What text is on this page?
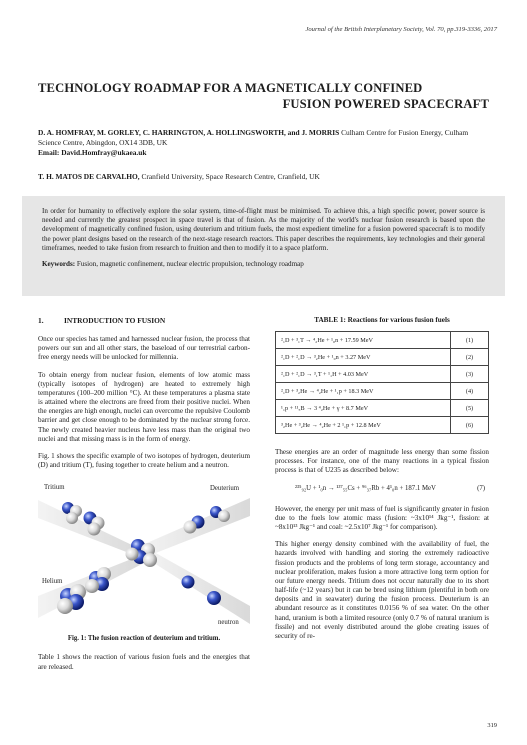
Journal of the British Interplanetary Society, Vol. 70, pp.319-3336, 2017
TECHNOLOGY ROADMAP FOR A MAGNETICALLY CONFINED
FUSION POWERED SPACECRAFT
D. A. HOMFRAY, M. GORLEY, C. HARRINGTON, A. HOLLINGSWORTH, and J. MORRIS Culham Centre for Fusion Energy, Culham Science Centre, Abingdon, OX14 3DB, UK
Email: David.Homfray@ukaea.uk
T. H. MATOS DE CARVALHO, Cranfield University, Space Research Centre, Cranfield, UK

In order for humanity to effectively explore the solar system, time-of-flight must be minimised. To achieve this, a high specific power, power source is needed and currently the greatest prospect in space travel is that of fusion. As the majority of the world's nuclear fusion research is based upon the development of magnetically confined fusion, using deuterium and tritium fuels, the most expedient timeline for a fusion powered spacecraft is to modify the power plant designs based on the research of the next-stage research reactors. This paper describes the requirements, key technologies and their general timeframes, needed to take fusion from research to fruition and then to modify it to a space platform.

Keywords: Fusion, magnetic confinement, nuclear electric propulsion, technology roadmap

1.	INTRODUCTION TO FUSION

Once our species has tamed and harnessed nuclear fusion, the process that powers our sun and all other stars, the baseload of our terrestrial carbon-free energy needs will be unlocked for millennia.

To obtain energy from nuclear fusion, elements of low atomic mass (typically isotopes of hydrogen) are heated to extremely high temperatures (100–200 million °C). At these temperatures a plasma state is attained where the electrons are freed from their positive nuclei. When the energies are high enough, nuclei can overcome the repulsive Coulomb barrier and get close enough to be dominated by the nuclear strong force. The newly created heavier nucleus have less mass than the original two nuclei and that missing mass is in the form of energy.

Fig. 1 shows the specific example of two isotopes of hydrogen, deuterium (D) and tritium (T), fusing together to create helium and a neutron.

Tritium	Deuterium
Helium
neutron
Fig. 1: The fusion reaction of deuterium and tritium.

Table 1 shows the reaction of various fusion fuels and the energies that are released.

TABLE 1: Reactions for various fusion fuels
²₁D + ³₁T → ⁴₂He + ¹₀n + 17.59 MeV	(1)
²₁D + ²₁D → ³₂He + ¹₀n + 3.27 MeV	(2)
²₁D + ²₁D → ³₁T + ¹₁H + 4.03 MeV	(3)
²₁D + ³₂He → ⁴₂He + ¹₁p + 18.3 MeV	(4)
¹₁p + ¹¹₅B → 3 ⁴₂He + γ + 8.7 MeV	(5)
³₂He + ³₂He → ⁴₂He + 2 ¹₁p + 12.8 MeV	(6)

These energies are an order of magnitude less energy than some fission processes. For instance, one of the many reactions in a typical fission process is that of U235 as described below:

²³⁵₉₂U + ¹₀n → ¹³⁷₅₅Cs + ⁹⁶₃₇Rb + 4¹₀n + 187.1 MeV	(7)

However, the energy per unit mass of fuel is significantly greater in fusion due to the fuels low atomic mass (fusion: ~3x10¹⁴ Jkg⁻¹, fission: at ~8x10¹³ Jkg⁻¹ and coal: ~2.5x10⁷ Jkg⁻¹ for comparison).

This higher energy density combined with the availability of fuel, the hazards involved with handling and storing the extremely radioactive fission products and the problems of long term storage, accountancy and nuclear proliferation, makes fusion a more attractive long term option for our future energy needs. Tritium does not occur naturally due to its short half-life (~12 years) but it can be bred using lithium (plentiful in both ore deposits and in seawater) during the fusion process. Deuterium is an abundant resource as it constitutes 0.0156 % of sea water. On the other hand, uranium is both a limited resource (only 0.7 % of natural uranium is fissile) and not evenly distributed around the globe creating issues of security of re-

319
